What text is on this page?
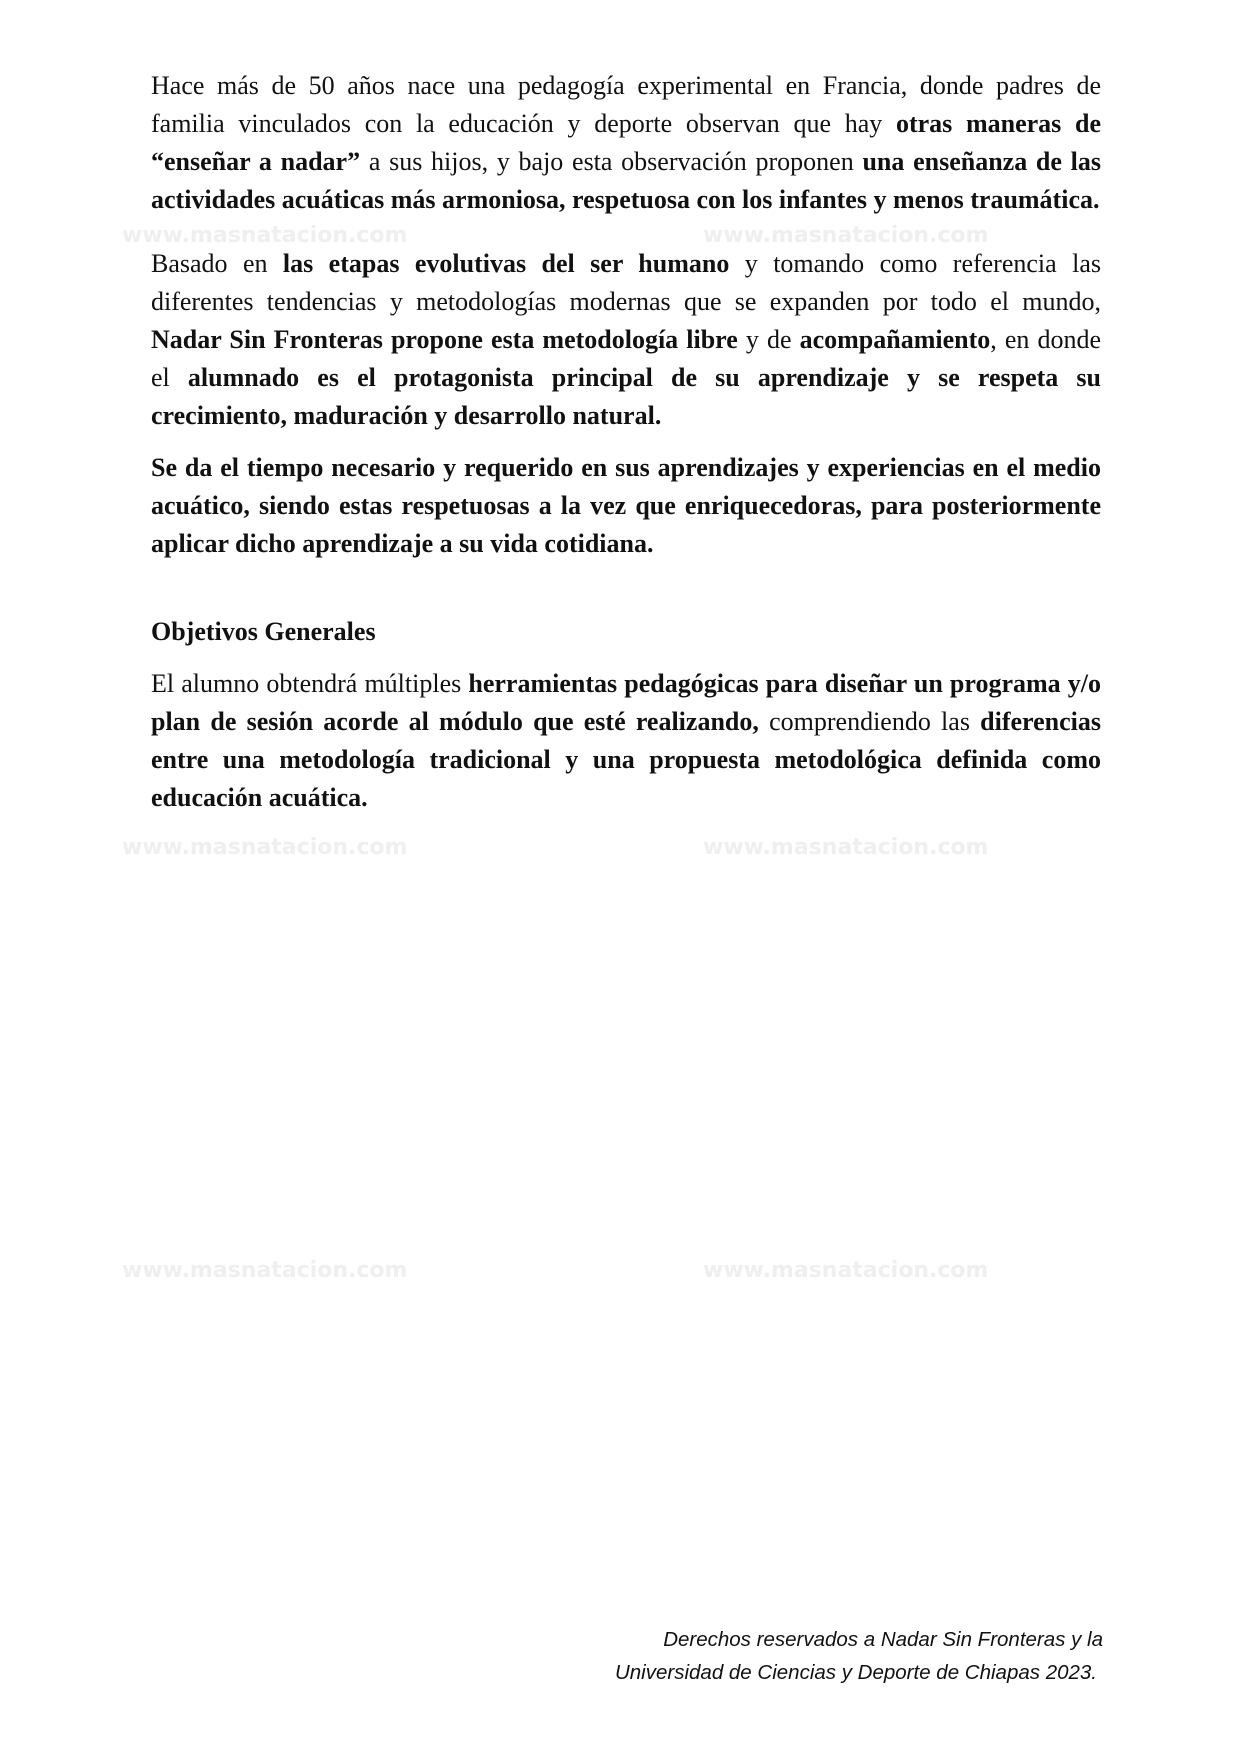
Hace más de 50 años nace una pedagogía experimental en Francia, donde padres de familia vinculados con la educación y deporte observan que hay otras maneras de “enseñar a nadar” a sus hijos, y bajo esta observación proponen una enseñanza de las actividades acuáticas más armoniosa, respetuosa con los infantes y menos traumática.

www.masnatacion.com	www.masnatacion.com

Basado en las etapas evolutivas del ser humano y tomando como referencia las diferentes tendencias y metodologías modernas que se expanden por todo el mundo, Nadar Sin Fronteras propone esta metodología libre y de acompañamiento, en donde el alumnado es el protagonista principal de su aprendizaje y se respeta su crecimiento, maduración y desarrollo natural.

Se da el tiempo necesario y requerido en sus aprendizajes y experiencias en el medio acuático, siendo estas respetuosas a la vez que enriquecedoras, para posteriormente aplicar dicho aprendizaje a su vida cotidiana.

Objetivos Generales

El alumno obtendrá múltiples herramientas pedagógicas para diseñar un programa y/o plan de sesión acorde al módulo que esté realizando, comprendiendo las diferencias entre una metodología tradicional y una propuesta metodológica definida como educación acuática.

www.masnatacion.com	www.masnatacion.com
www.masnatacion.com	www.masnatacion.com
Derechos reservados a Nadar Sin Fronteras y la
Universidad de Ciencias y Deporte de Chiapas 2023.
